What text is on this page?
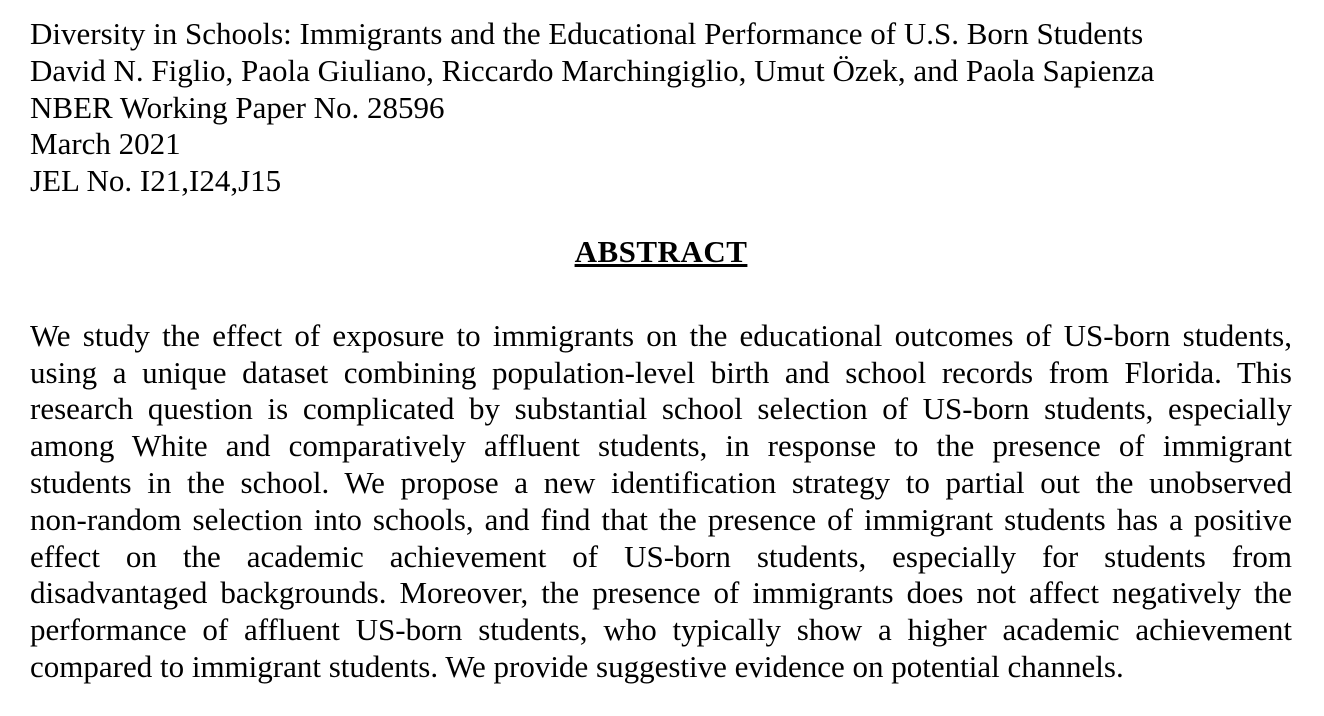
Diversity in Schools: Immigrants and the Educational Performance of U.S. Born Students
David N. Figlio, Paola Giuliano, Riccardo Marchingiglio, Umut Özek, and Paola Sapienza
NBER Working Paper No. 28596
March 2021
JEL No. I21,I24,J15
ABSTRACT
We study the effect of exposure to immigrants on the educational outcomes of US-born students,
using a unique dataset combining population-level birth and school records from Florida. This
research question is complicated by substantial school selection of US-born students, especially
among White and comparatively affluent students, in response to the presence of immigrant
students in the school. We propose a new identification strategy to partial out the unobserved
non-random selection into schools, and find that the presence of immigrant students has a positive
effect on the academic achievement of US-born students, especially for students from
disadvantaged backgrounds. Moreover, the presence of immigrants does not affect negatively the
performance of affluent US-born students, who typically show a higher academic achievement
compared to immigrant students. We provide suggestive evidence on potential channels.
